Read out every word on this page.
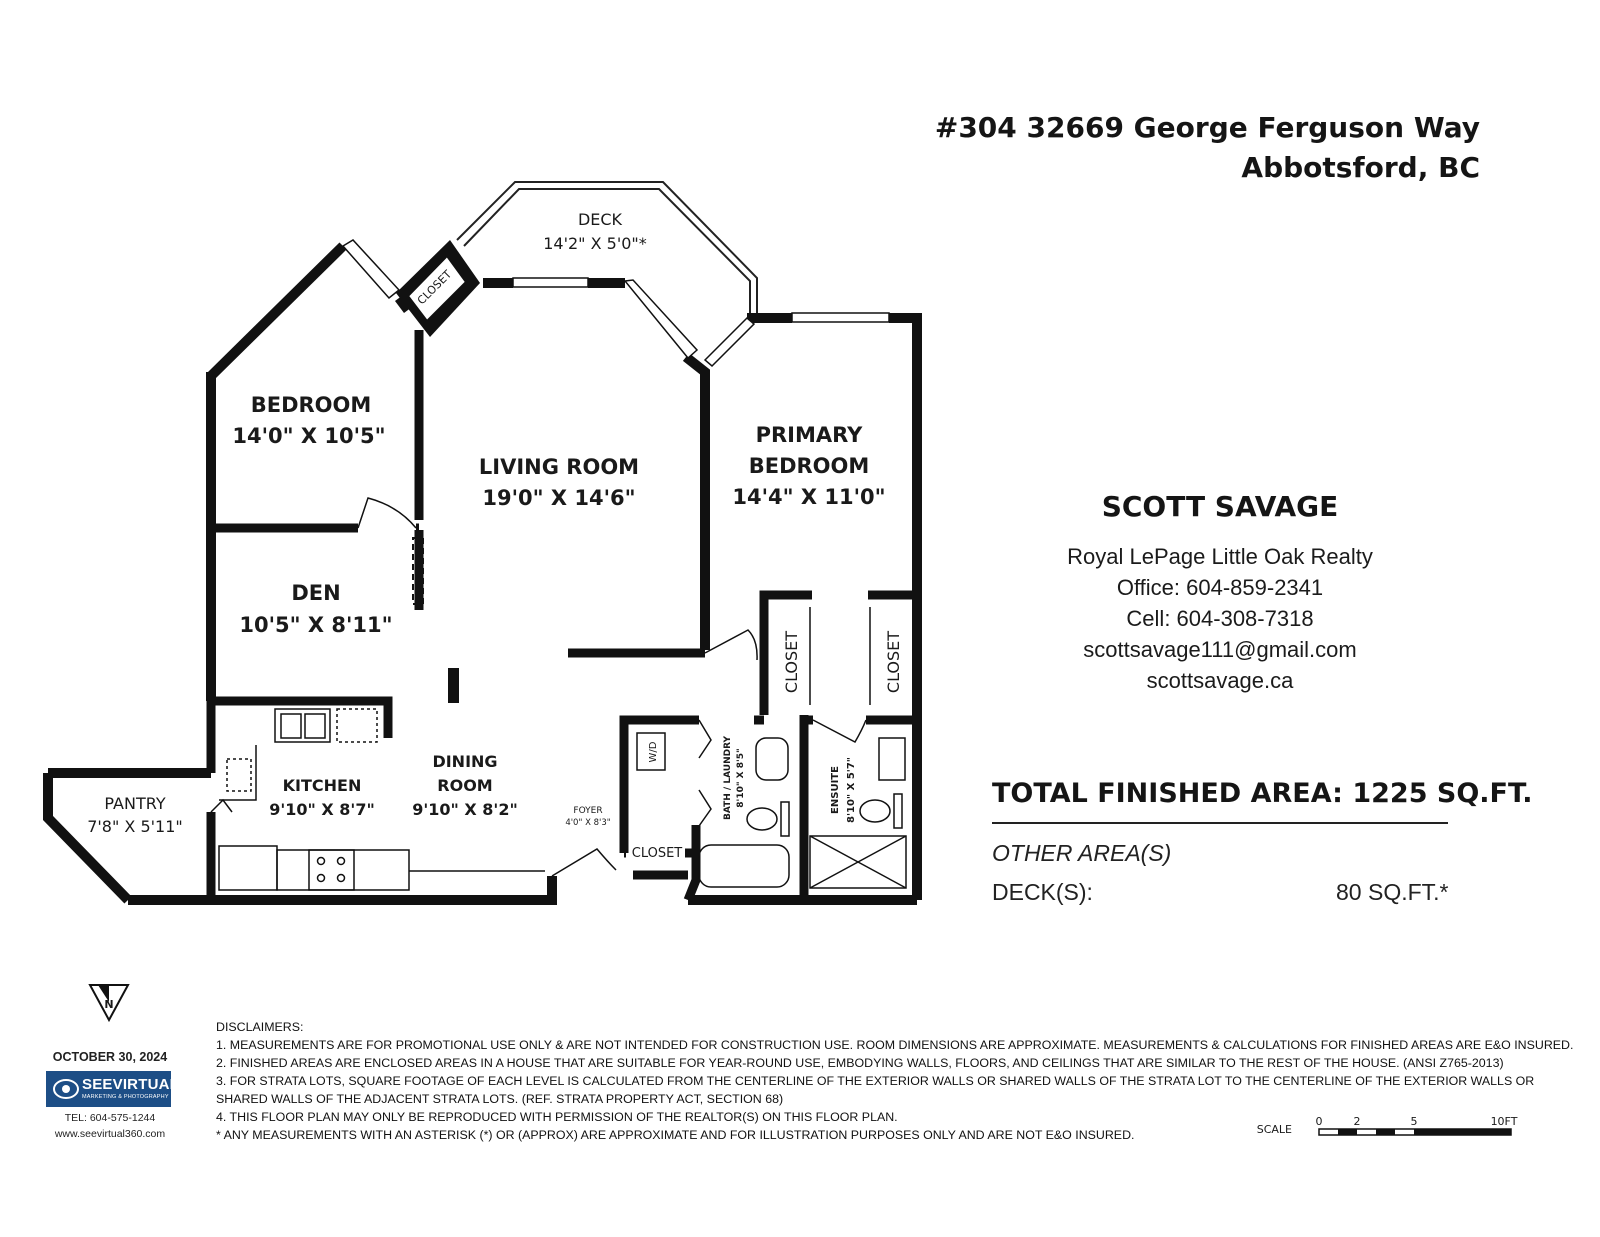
#304 32669 George Ferguson Way
Abbotsford, BC
CLOSET
CLOSET	CLOSET
W/D
DECK
14'2" X 5'0"*
BEDROOM
14'0" X 10'5"
LIVING ROOM
19'0" X 14'6"
PRIMARY
BEDROOM
14'4" X 11'0"
DEN
10'5" X 8'11"
KITCHEN
9'10" X 8'7"
DINING
ROOM
9'10" X 8'2"
PANTRY
7'8" X 5'11"
FOYER
4'0" X 8'3"
CLOSET
BATH / LAUNDRY 8'10" X 8'5"	ENSUITE 8'10" X 5'7"
N
SCALE
0	2	5	10FT
SCOTT SAVAGE
Royal LePage Little Oak Realty
Office: 604-859-2341
Cell: 604-308-7318
scottsavage111@gmail.com
scottsavage.ca
TOTAL FINISHED AREA: 1225 SQ.FT.
OTHER AREA(S)
DECK(S):	80 SQ.FT.*
DISCLAIMERS:
1. MEASUREMENTS ARE FOR PROMOTIONAL USE ONLY & ARE NOT INTENDED FOR CONSTRUCTION USE. ROOM DIMENSIONS ARE APPROXIMATE. MEASUREMENTS & CALCULATIONS FOR FINISHED AREAS ARE E&O INSURED.
2. FINISHED AREAS ARE ENCLOSED AREAS IN A HOUSE THAT ARE SUITABLE FOR YEAR-ROUND USE, EMBODYING WALLS, FLOORS, AND CEILINGS THAT ARE SIMILAR TO THE REST OF THE HOUSE. (ANSI Z765-2013)
3. FOR STRATA LOTS, SQUARE FOOTAGE OF EACH LEVEL IS CALCULATED FROM THE CENTERLINE OF THE EXTERIOR WALLS OR SHARED WALLS OF THE STRATA LOT TO THE CENTERLINE OF THE EXTERIOR WALLS OR
SHARED WALLS OF THE ADJACENT STRATA LOTS. (REF. STRATA PROPERTY ACT, SECTION 68)
4. THIS FLOOR PLAN MAY ONLY BE REPRODUCED WITH PERMISSION OF THE REALTOR(S) ON THIS FLOOR PLAN.
* ANY MEASUREMENTS WITH AN ASTERISK (*) OR (APPROX) ARE APPROXIMATE AND FOR ILLUSTRATION PURPOSES ONLY AND ARE NOT E&O INSURED.
OCTOBER 30, 2024
SEEVIRTUAL
MARKETING & PHOTOGRAPHY
TEL: 604-575-1244
www.seevirtual360.com
